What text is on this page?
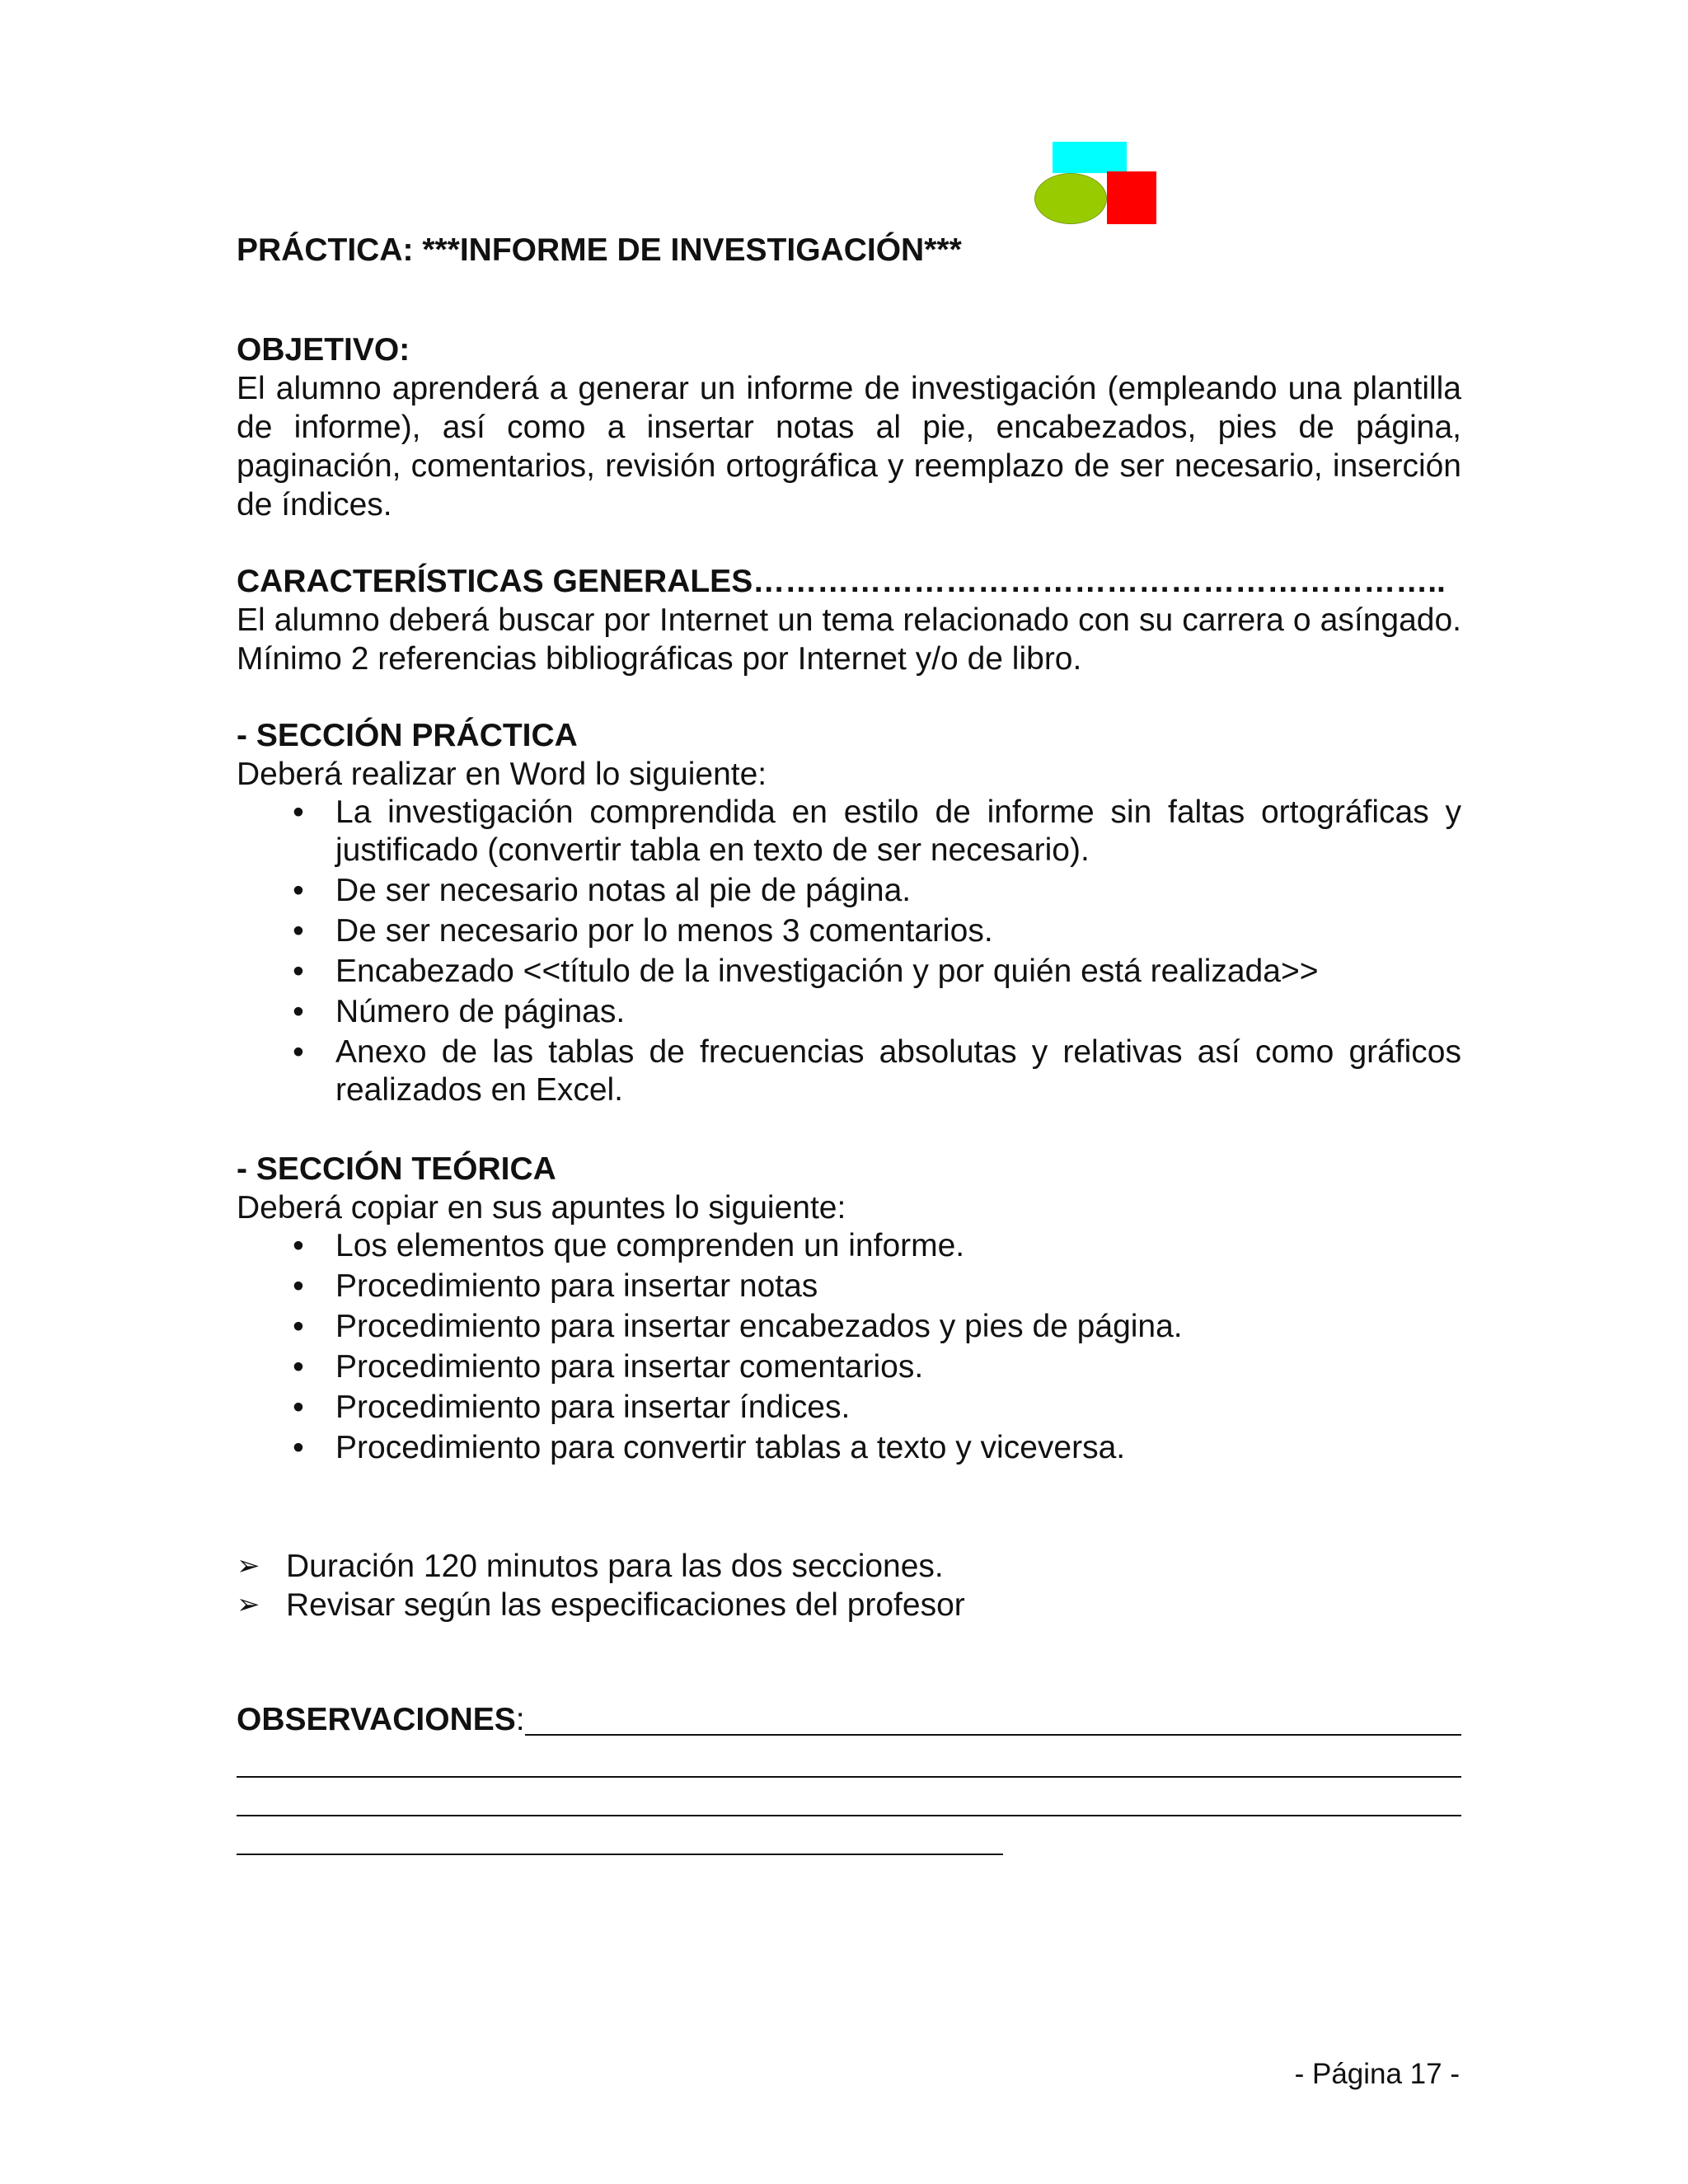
PRÁCTICA: ***INFORME DE INVESTIGACIÓN***

OBJETIVO:

El alumno aprenderá a generar un informe de investigación (empleando una plantilla de informe), así como a insertar notas al pie, encabezados, pies de página, paginación, comentarios, revisión ortográfica y reemplazo de ser necesario, inserción de índices.

CARACTERÍSTICAS GENERALES………………………………………………………..

El alumno deberá buscar por Internet un tema relacionado con su carrera o asíngado. Mínimo 2 referencias bibliográficas por Internet y/o de libro.

- SECCIÓN PRÁCTICA

Deberá realizar en Word lo siguiente:

• La investigación comprendida en estilo de informe sin faltas ortográficas y justificado (convertir tabla en texto de ser necesario).
• De ser necesario notas al pie de página.
• De ser necesario por lo menos 3 comentarios.
• Encabezado <<título de la investigación y por quién está realizada>>
• Número de páginas.
• Anexo de las tablas de frecuencias absolutas y relativas así como gráficos realizados en Excel.

- SECCIÓN TEÓRICA

Deberá copiar en sus apuntes lo siguiente:

• Los elementos que comprenden un informe.
• Procedimiento para insertar notas
• Procedimiento para insertar encabezados y pies de página.
• Procedimiento para insertar comentarios.
• Procedimiento para insertar índices.
• Procedimiento para convertir tablas a texto y viceversa.
➢ Duración 120 minutos para las dos secciones.
➢ Revisar según las especificaciones del profesor
OBSERVACIONES :
- Página 17 -
